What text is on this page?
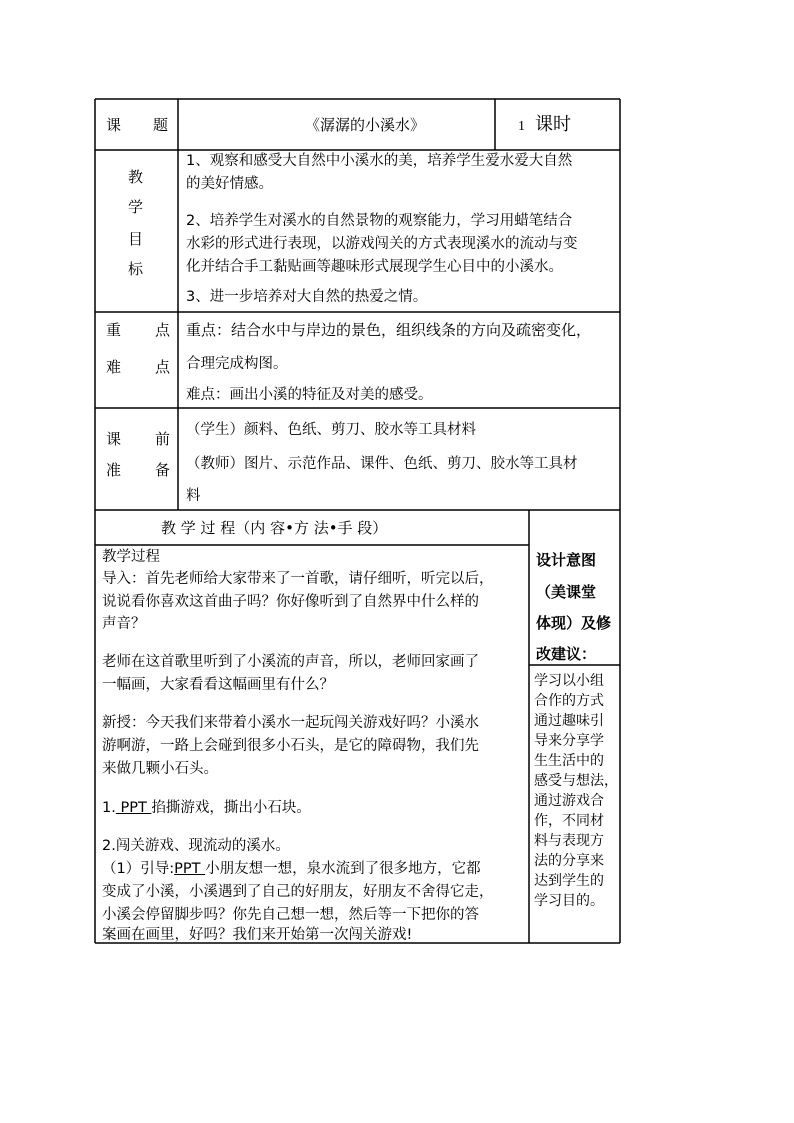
课 题	《潺潺的小溪水》	1 课时
教
学
目
标
1、观察和感受大自然中小溪水的美，培养学生爱水爱大自然
的美好情感。
2、培养学生对溪水的自然景物的观察能力，学习用蜡笔结合
水彩的形式进行表现，以游戏闯关的方式表现溪水的流动与变
化并结合手工黏贴画等趣味形式展现学生心目中的小溪水。
3、进一步培养对大自然的热爱之情。
重 点
难 点
重点：结合水中与岸边的景色，组织线条的方向及疏密变化，
合理完成构图。
难点：画出小溪的特征及对美的感受。
课 前
准 备
（学生）颜料、色纸、剪刀、胶水等工具材料
（教师）图片、示范作品、课件、色纸、剪刀、胶水等工具材
料
教 学 过 程（内 容•方 法•手 段）
教学过程
导入：首先老师给大家带来了一首歌，请仔细听，听完以后，
说说看你喜欢这首曲子吗？你好像听到了自然界中什么样的
声音？
老师在这首歌里听到了小溪流的声音，所以，老师回家画了
一幅画，大家看看这幅画里有什么？
新授：今天我们来带着小溪水一起玩闯关游戏好吗？小溪水
游啊游，一路上会碰到很多小石头，是它的障碍物，我们先
来做几颗小石头。
1. PPT 掐撕游戏，撕出小石块。
2.闯关游戏、现流动的溪水。
（1）引导:PPT 小朋友想一想，泉水流到了很多地方，它都
变成了小溪，小溪遇到了自己的好朋友，好朋友不舍得它走，
小溪会停留脚步吗？你先自己想一想，然后等一下把你的答
案画在画里，好吗？我们来开始第一次闯关游戏!
设计意图
（美课堂
体现）及修
改建议：
学习以小组
合作的方式
通过趣味引
导来分享学
生生活中的
感受与想法，
通过游戏合
作，不同材
料与表现方
法的分享来
达到学生的
学习目的。
